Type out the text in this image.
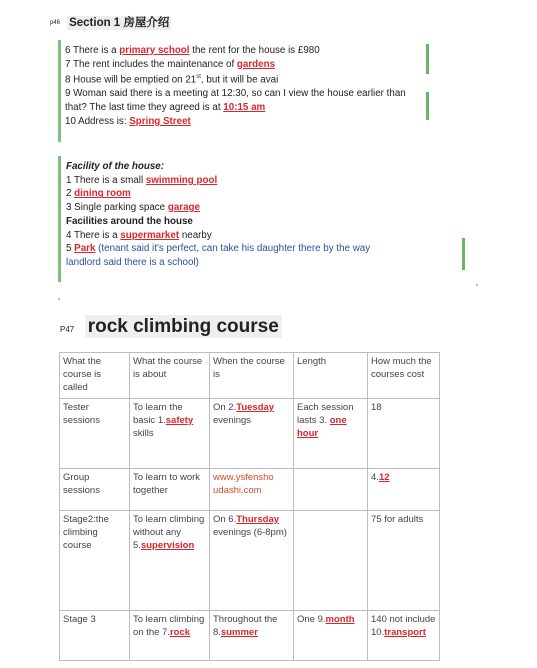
p46 Section 1 房屋介绍
6 There is a primary school the rent for the house is £980
7 The rent includes the maintenance of gardens
8 House will be emptied on 21st, but it will be avai
9 Woman said there is a meeting at 12:30, so can I view the house earlier than
that? The last time they agreed is at 10:15 am
10 Address is: Spring Street
Facility of the house:
1 There is a small swimming pool
2 dining room
3 Single parking space garage
Facilities around the house
4 There is a supermarket nearby
5 Park (tenant said it's perfect, can take his daughter there by the way
landlord said there is a school)
P47 rock climbing course
What the course is called	What the course is about	When the course is	Length	How much the courses cost
Tester sessions	To learn the basic 1.safety skills	On 2.Tuesday evenings	Each session lasts 3. one hour	18
Group sessions	To learn to work together	www.ysfensho udashi.com		4.12
Stage2:the climbing course	To learn climbing without any 5.supervision	On 6.Thursday evenings (6-8pm)		75 for adults
Stage 3	To learn climbing on the 7.rock	Throughout the 8.summer	One 9.month	140 not include 10.transport
